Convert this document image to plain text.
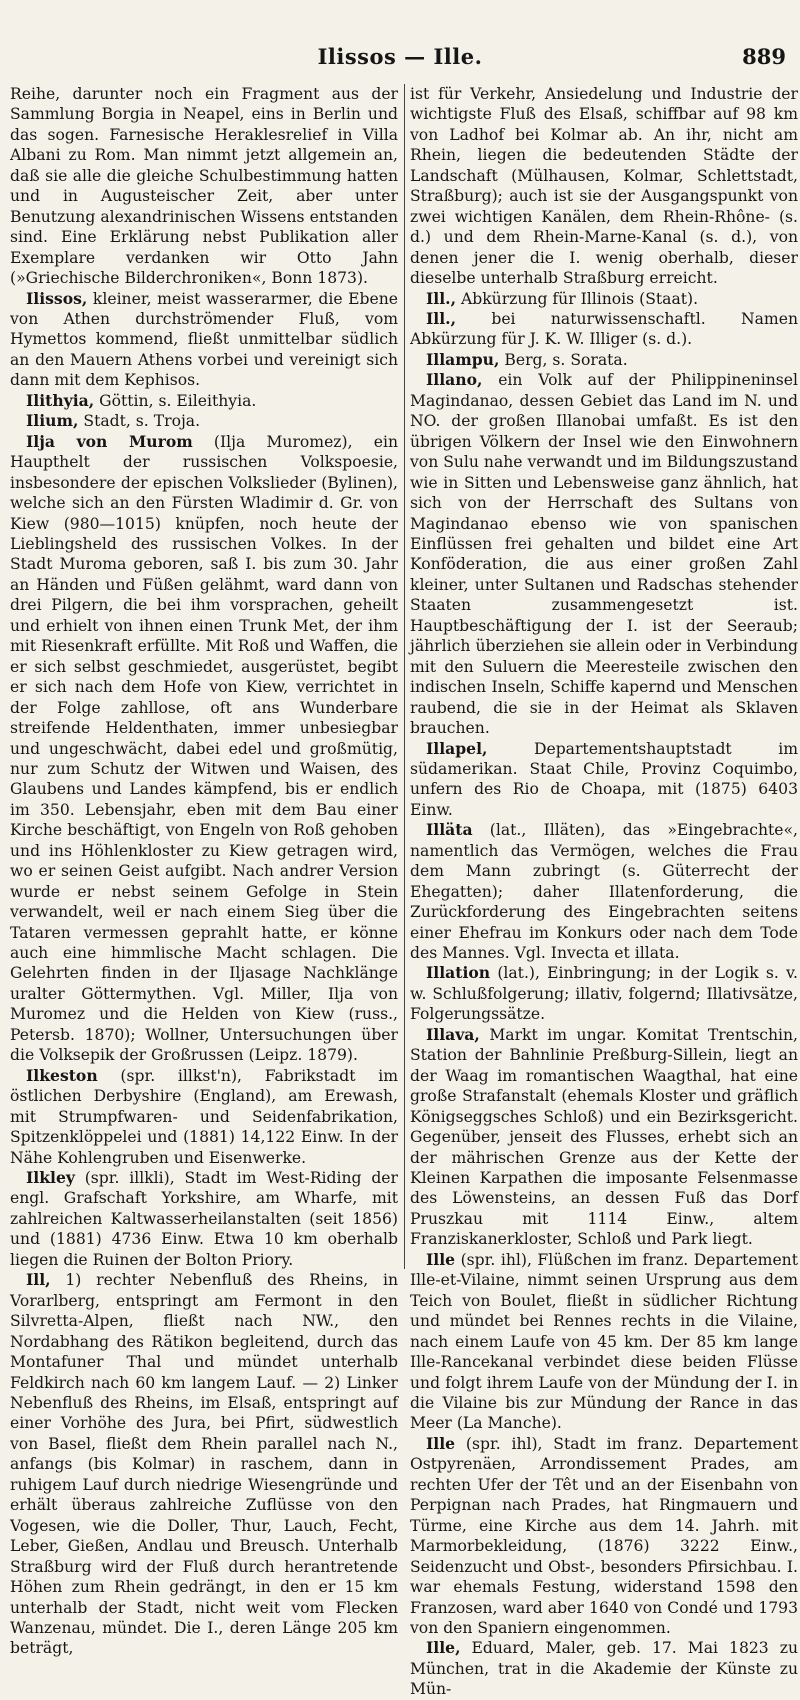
Ilissos — Ille.	889

Reihe, darunter noch ein Fragment aus der Sammlung Borgia in Neapel, eins in Berlin und das sogen. Farnesische Heraklesrelief in Villa Albani zu Rom. Man nimmt jetzt allgemein an, daß sie alle die gleiche Schulbestimmung hatten und in Augusteischer Zeit, aber unter Benutzung alexandrinischen Wissens entstanden sind. Eine Erklärung nebst Publikation aller Exemplare verdanken wir Otto Jahn (»Griechische Bilderchroniken«, Bonn 1873).

Ilissos, kleiner, meist wasserarmer, die Ebene von Athen durchströmender Fluß, vom Hymettos kommend, fließt unmittelbar südlich an den Mauern Athens vorbei und vereinigt sich dann mit dem Kephisos.

Ilithyia, Göttin, s. Eileithyia.

Ilium, Stadt, s. Troja.

Ilja von Murom (Ilja Muromez), ein Haupthelt der russischen Volkspoesie, insbesondere der epischen Volkslieder (Bylinen), welche sich an den Fürsten Wladimir d. Gr. von Kiew (980—1015) knüpfen, noch heute der Lieblingsheld des russischen Volkes. In der Stadt Muroma geboren, saß I. bis zum 30. Jahr an Händen und Füßen gelähmt, ward dann von drei Pilgern, die bei ihm vorsprachen, geheilt und erhielt von ihnen einen Trunk Met, der ihm mit Riesenkraft erfüllte. Mit Roß und Waffen, die er sich selbst geschmiedet, ausgerüstet, begibt er sich nach dem Hofe von Kiew, verrichtet in der Folge zahllose, oft ans Wunderbare streifende Heldenthaten, immer unbesiegbar und ungeschwächt, dabei edel und großmütig, nur zum Schutz der Witwen und Waisen, des Glaubens und Landes kämpfend, bis er endlich im 350. Lebensjahr, eben mit dem Bau einer Kirche beschäftigt, von Engeln von Roß gehoben und ins Höhlenkloster zu Kiew getragen wird, wo er seinen Geist aufgibt. Nach andrer Version wurde er nebst seinem Gefolge in Stein verwandelt, weil er nach einem Sieg über die Tataren vermessen geprahlt hatte, er könne auch eine himmlische Macht schlagen. Die Gelehrten finden in der Iljasage Nachklänge uralter Göttermythen. Vgl. Miller, Ilja von Muromez und die Helden von Kiew (russ., Petersb. 1870); Wollner, Untersuchungen über die Volksepik der Großrussen (Leipz. 1879).

Ilkeston (spr. illkst'n), Fabrikstadt im östlichen Derbyshire (England), am Erewash, mit Strumpfwaren- und Seidenfabrikation, Spitzenklöppelei und (1881) 14,122 Einw. In der Nähe Kohlengruben und Eisenwerke.

Ilkley (spr. illkli), Stadt im West-Riding der engl. Grafschaft Yorkshire, am Wharfe, mit zahlreichen Kaltwasserheilanstalten (seit 1856) und (1881) 4736 Einw. Etwa 10 km oberhalb liegen die Ruinen der Bolton Priory.

Ill, 1) rechter Nebenfluß des Rheins, in Vorarlberg, entspringt am Fermont in den Silvretta-Alpen, fließt nach NW., den Nordabhang des Rätikon begleitend, durch das Montafuner Thal und mündet unterhalb Feldkirch nach 60 km langem Lauf. — 2) Linker Nebenfluß des Rheins, im Elsaß, entspringt auf einer Vorhöhe des Jura, bei Pfirt, südwestlich von Basel, fließt dem Rhein parallel nach N., anfangs (bis Kolmar) in raschem, dann in ruhigem Lauf durch niedrige Wiesengründe und erhält überaus zahlreiche Zuflüsse von den Vogesen, wie die Doller, Thur, Lauch, Fecht, Leber, Gießen, Andlau und Breusch. Unterhalb Straßburg wird der Fluß durch herantretende Höhen zum Rhein gedrängt, in den er 15 km unterhalb der Stadt, nicht weit vom Flecken Wanzenau, mündet. Die I., deren Länge 205 km beträgt,

ist für Verkehr, Ansiedelung und Industrie der wichtigste Fluß des Elsaß, schiffbar auf 98 km von Ladhof bei Kolmar ab. An ihr, nicht am Rhein, liegen die bedeutenden Städte der Landschaft (Mülhausen, Kolmar, Schlettstadt, Straßburg); auch ist sie der Ausgangspunkt von zwei wichtigen Kanälen, dem Rhein-Rhône- (s. d.) und dem Rhein-Marne-Kanal (s. d.), von denen jener die I. wenig oberhalb, dieser dieselbe unterhalb Straßburg erreicht.

Ill., Abkürzung für Illinois (Staat).

Ill., bei naturwissenschaftl. Namen Abkürzung für J. K. W. Illiger (s. d.).

Illampu, Berg, s. Sorata.

Illano, ein Volk auf der Philippineninsel Magindanao, dessen Gebiet das Land im N. und NO. der großen Illanobai umfaßt. Es ist den übrigen Völkern der Insel wie den Einwohnern von Sulu nahe verwandt und im Bildungszustand wie in Sitten und Lebensweise ganz ähnlich, hat sich von der Herrschaft des Sultans von Magindanao ebenso wie von spanischen Einflüssen frei gehalten und bildet eine Art Konföderation, die aus einer großen Zahl kleiner, unter Sultanen und Radschas stehender Staaten zusammengesetzt ist. Hauptbeschäftigung der I. ist der Seeraub; jährlich überziehen sie allein oder in Verbindung mit den Suluern die Meeresteile zwischen den indischen Inseln, Schiffe kapernd und Menschen raubend, die sie in der Heimat als Sklaven brauchen.

Illapel,	Departementshauptstadt im südamerikan. Staat Chile, Provinz Coquimbo, unfern des Rio de Choapa, mit (1875) 6403 Einw.

Illäta (lat., Illäten), das »Eingebrachte«, namentlich das Vermögen, welches die Frau dem Mann zubringt (s. Güterrecht der Ehegatten); daher Illatenforderung, die Zurückforderung des Eingebrachten seitens einer Ehefrau im Konkurs oder nach dem Tode des Mannes. Vgl. Invecta et illata.

Illation (lat.), Einbringung; in der Logik s. v. w. Schlußfolgerung; illativ, folgernd; Illativsätze, Folgerungssätze.

Illava, Markt im ungar. Komitat Trentschin, Station der Bahnlinie Preßburg-Sillein, liegt an der Waag im romantischen Waagthal, hat eine große Strafanstalt (ehemals Kloster und gräflich Königseggsches Schloß) und ein Bezirksgericht. Gegenüber, jenseit des Flusses, erhebt sich an der mährischen Grenze aus der Kette der Kleinen Karpathen die imposante Felsenmasse des Löwensteins, an dessen Fuß das Dorf Pruszkau mit 1114 Einw., altem Franziskanerkloster, Schloß und Park liegt.

Ille (spr. ihl), Flüßchen im franz. Departement Ille-et-Vilaine, nimmt seinen Ursprung aus dem Teich von Boulet, fließt in südlicher Richtung und mündet bei Rennes rechts in die Vilaine, nach einem Laufe von 45 km. Der 85 km lange Ille-Rancekanal verbindet diese beiden Flüsse und folgt ihrem Laufe von der Mündung der I. in die Vilaine bis zur Mündung der Rance in das Meer (La Manche).

Ille (spr. ihl), Stadt im franz. Departement Ostpyrenäen, Arrondissement Prades, am rechten Ufer der Têt und an der Eisenbahn von Perpignan nach Prades, hat Ringmauern und Türme, eine Kirche aus dem 14. Jahrh. mit Marmorbekleidung, (1876) 3222 Einw., Seidenzucht und Obst-, besonders Pfirsichbau. I. war ehemals Festung, widerstand 1598 den Franzosen, ward aber 1640 von Condé und 1793 von den Spaniern eingenommen.

Ille, Eduard, Maler, geb. 17. Mai 1823 zu München, trat in die Akademie der Künste zu Mün-
